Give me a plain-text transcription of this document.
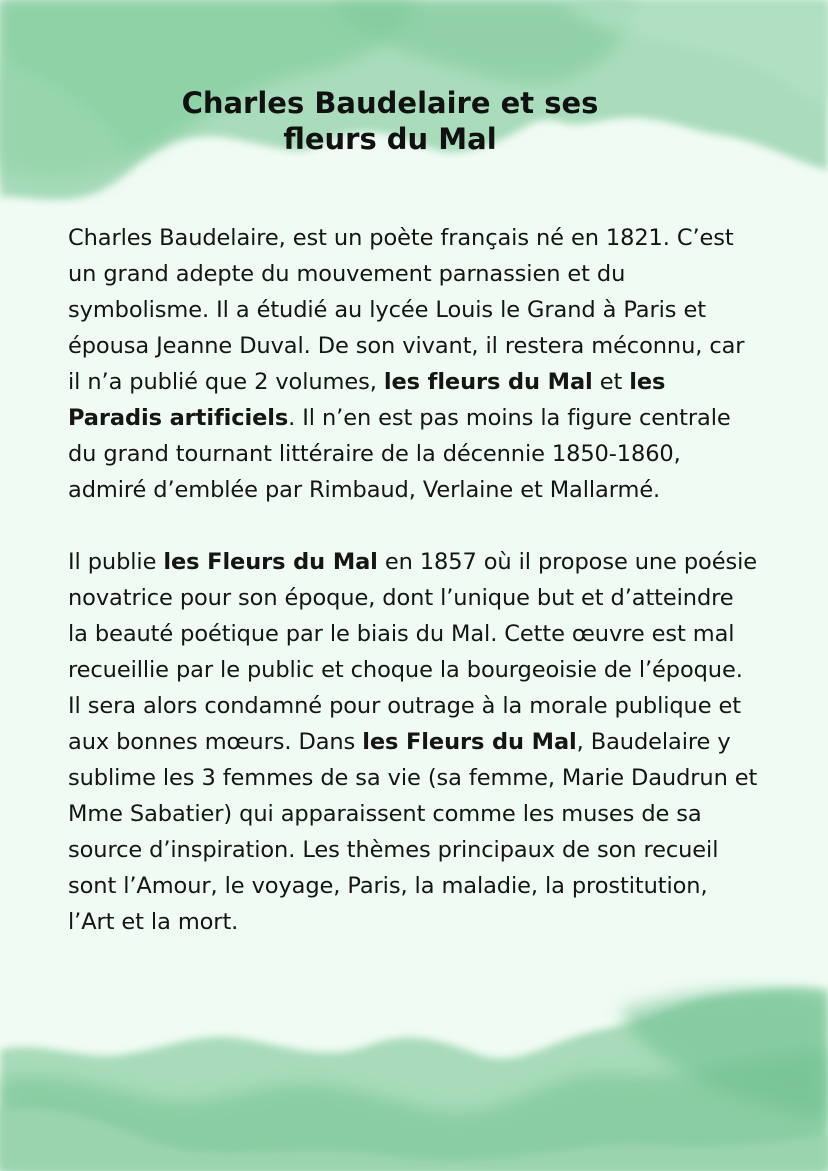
Charles Baudelaire et ses
fleurs du Mal

Charles Baudelaire, est un poète français né en 1821. C’est un grand adepte du mouvement parnassien et du symbolisme. Il a étudié au lycée Louis le Grand à Paris et épousa Jeanne Duval. De son vivant, il restera méconnu, car il n’a publié que 2 volumes, les fleurs du Mal et les Paradis artificiels. Il n’en est pas moins la figure centrale du grand tournant littéraire de la décennie 1850-1860, admiré d’emblée par Rimbaud, Verlaine et Mallarmé.

Il publie les Fleurs du Mal en 1857 où il propose une poésie novatrice pour son époque, dont l’unique but et d’atteindre la beauté poétique par le biais du Mal. Cette œuvre est mal recueillie par le public et choque la bourgeoisie de l’époque. Il sera alors condamné pour outrage à la morale publique et aux bonnes mœurs. Dans les Fleurs du Mal, Baudelaire y sublime les 3 femmes de sa vie (sa femme, Marie Daudrun et Mme Sabatier) qui apparaissent comme les muses de sa source d’inspiration. Les thèmes principaux de son recueil sont l’Amour, le voyage, Paris, la maladie, la prostitution, l’Art et la mort.
